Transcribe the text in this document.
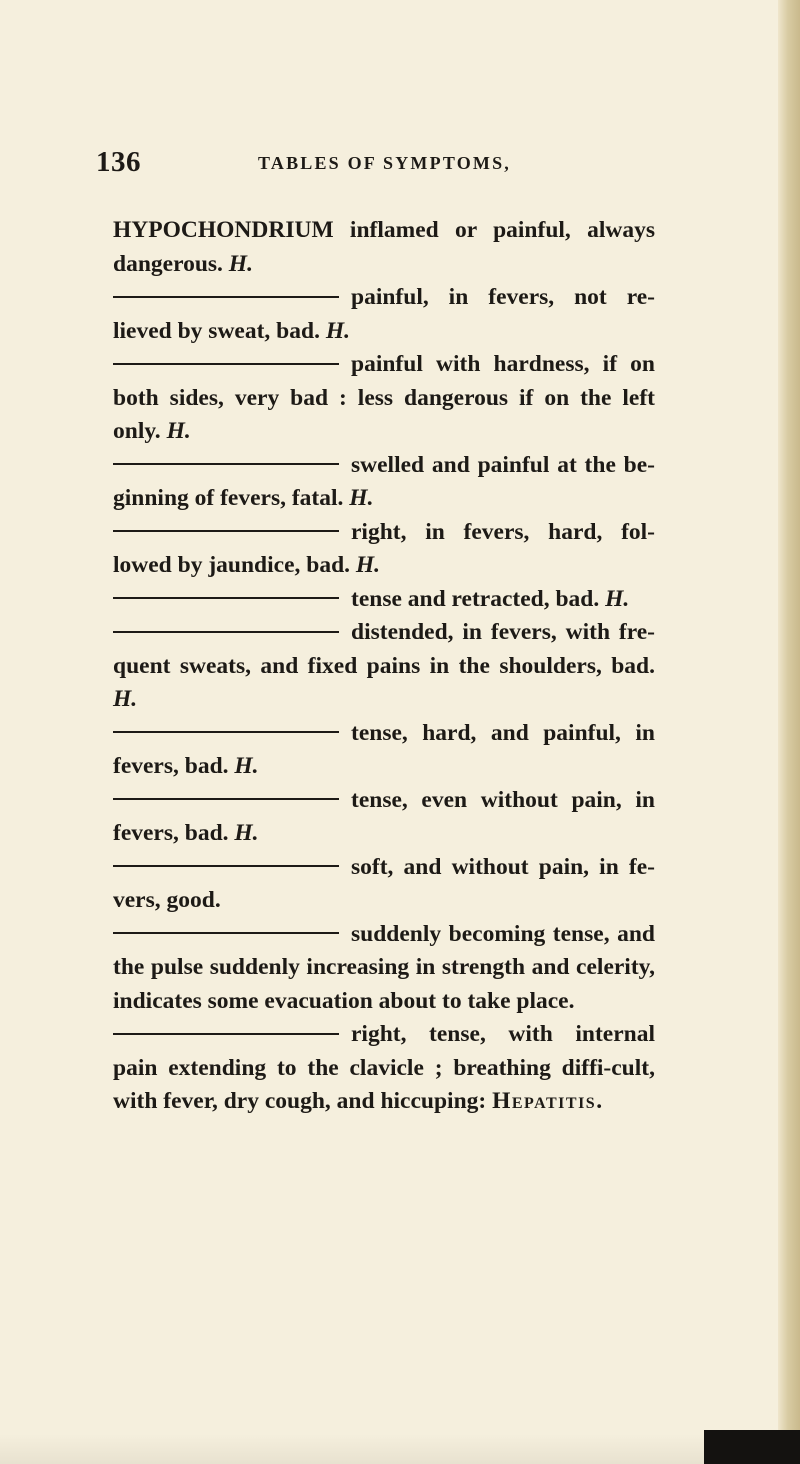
136	TABLES OF SYMPTOMS,

HYPOCHONDRIUM inflamed or painful, always dangerous. H.

painful, in fevers, not re-lieved by sweat, bad. H.

painful with hardness, if on both sides, very bad : less dangerous if on the left only. H.

swelled and painful at the be-ginning of fevers, fatal. H.

right, in fevers, hard, fol-lowed by jaundice, bad. H.

tense and retracted, bad. H.

distended, in fevers, with fre-quent sweats, and fixed pains in the shoulders, bad. H.

tense, hard, and painful, in fevers, bad. H.

tense, even without pain, in fevers, bad. H.

soft, and without pain, in fe-vers, good.

suddenly becoming tense, and the pulse suddenly increasing in strength and celerity, indicates some evacuation about to take place.

right, tense, with internal pain extending to the clavicle ; breathing diffi-cult, with fever, dry cough, and hiccuping: Hepatitis.
